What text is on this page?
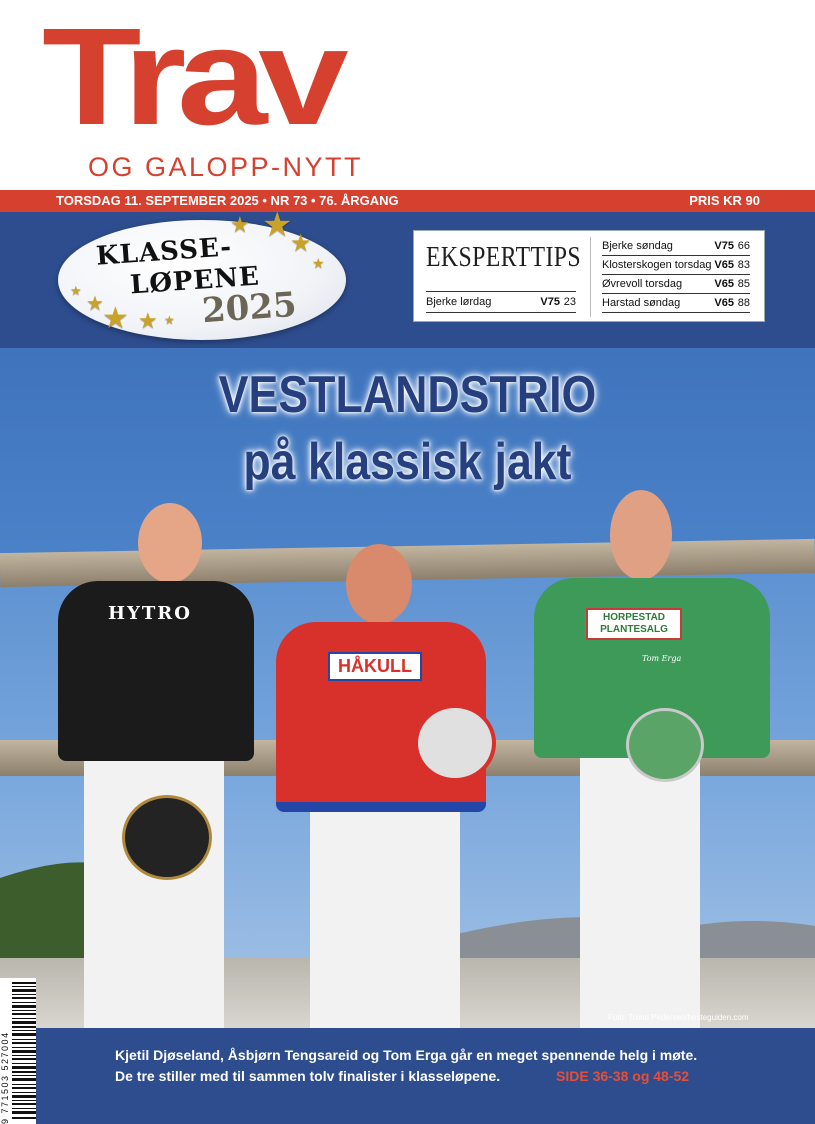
Trav
OG GALOPP-NYTT
TORSDAG 11. SEPTEMBER 2025 • NR 73 • 76. ÅRGANG	PRIS KR 90
★ ★
★
★
★
★
★ ★ ★
KLASSE-
LØPENE
2025
EKSPERTTIPS
Bjerke lørdag	V75 23
Bjerke søndag	V75 66
Klosterskogen torsdag V65 83
Øvrevoll torsdag	V65 85
Harstad søndag	V65 88
HYTRO
HÅKULL
HORPESTAD PLANTESALG
Tom Erga
VESTLANDSTRIO
på klassisk jakt
Foto: Trond Pedersen/hesteguiden.com
Kjetil Djøseland, Åsbjørn Tengsareid og Tom Erga går en meget spennende helg i møte.
De tre stiller med til sammen tolv finalister i klasseløpene.	SIDE 36-38 og 48-52
9 771503 527004
